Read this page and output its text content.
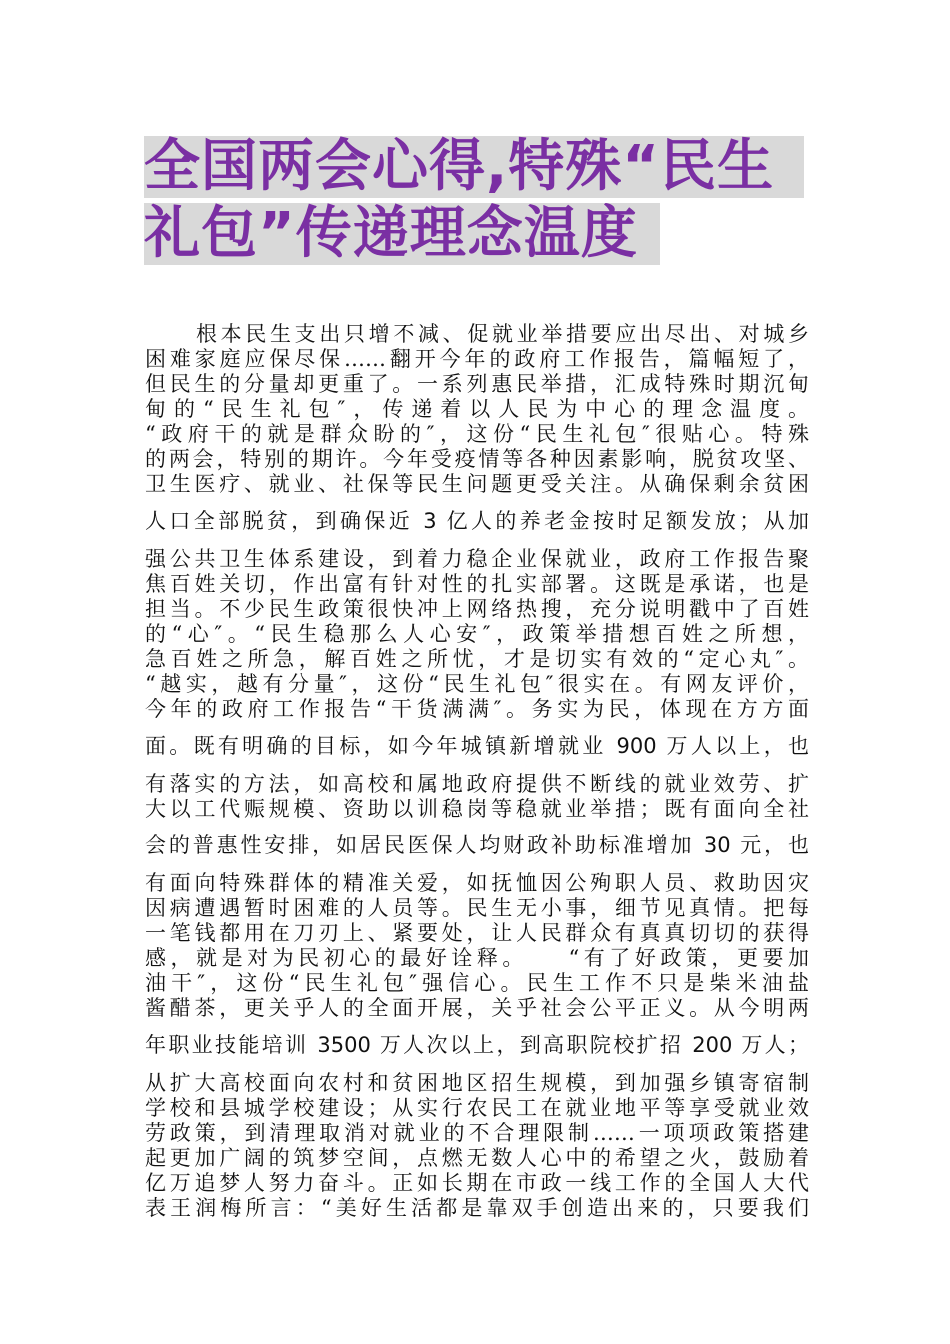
全国两会心得,特殊“民生
礼包”传递理念温度
根本民生支出只增不减、促就业举措要应出尽出、对城乡
困难家庭应保尽保……翻开今年的政府工作报告，篇幅短了，
但民生的分量却更重了。一系列惠民举措，汇成特殊时期沉甸
甸的“民生礼包″，传递着以人民为中心的理念温度。
“政府干的就是群众盼的″，这份“民生礼包″很贴心。特殊
的两会，特别的期许。今年受疫情等各种因素影响，脱贫攻坚、
卫生医疗、就业、社保等民生问题更受关注。从确保剩余贫困
人口全部脱贫，到确保近 3 亿人的养老金按时足额发放；从加
强公共卫生体系建设，到着力稳企业保就业，政府工作报告聚
焦百姓关切，作出富有针对性的扎实部署。这既是承诺，也是
担当。不少民生政策很快冲上网络热搜，充分说明戳中了百姓
的“心″。“民生稳那么人心安″，政策举措想百姓之所想，
急百姓之所急，解百姓之所忧，才是切实有效的“定心丸″。
“越实，越有分量″，这份“民生礼包″很实在。有网友评价，
今年的政府工作报告“干货满满″。务实为民，体现在方方面
面。既有明确的目标，如今年城镇新增就业 900 万人以上，也
有落实的方法，如高校和属地政府提供不断线的就业效劳、扩
大以工代赈规模、资助以训稳岗等稳就业举措；既有面向全社
会的普惠性安排，如居民医保人均财政补助标准增加 30 元，也
有面向特殊群体的精准关爱，如抚恤因公殉职人员、救助因灾
因病遭遇暂时困难的人员等。民生无小事，细节见真情。把每
一笔钱都用在刀刃上、紧要处，让人民群众有真真切切的获得
感，就是对为民初心的最好诠释。　　“有了好政策，更要加
油干″，这份“民生礼包″强信心。民生工作不只是柴米油盐
酱醋茶，更关乎人的全面开展，关乎社会公平正义。从今明两
年职业技能培训 3500 万人次以上，到高职院校扩招 200 万人；
从扩大高校面向农村和贫困地区招生规模，到加强乡镇寄宿制
学校和县城学校建设；从实行农民工在就业地平等享受就业效
劳政策，到清理取消对就业的不合理限制……一项项政策搭建
起更加广阔的筑梦空间，点燃无数人心中的希望之火，鼓励着
亿万追梦人努力奋斗。正如长期在市政一线工作的全国人大代
表王润梅所言：“美好生活都是靠双手创造出来的，只要我们
